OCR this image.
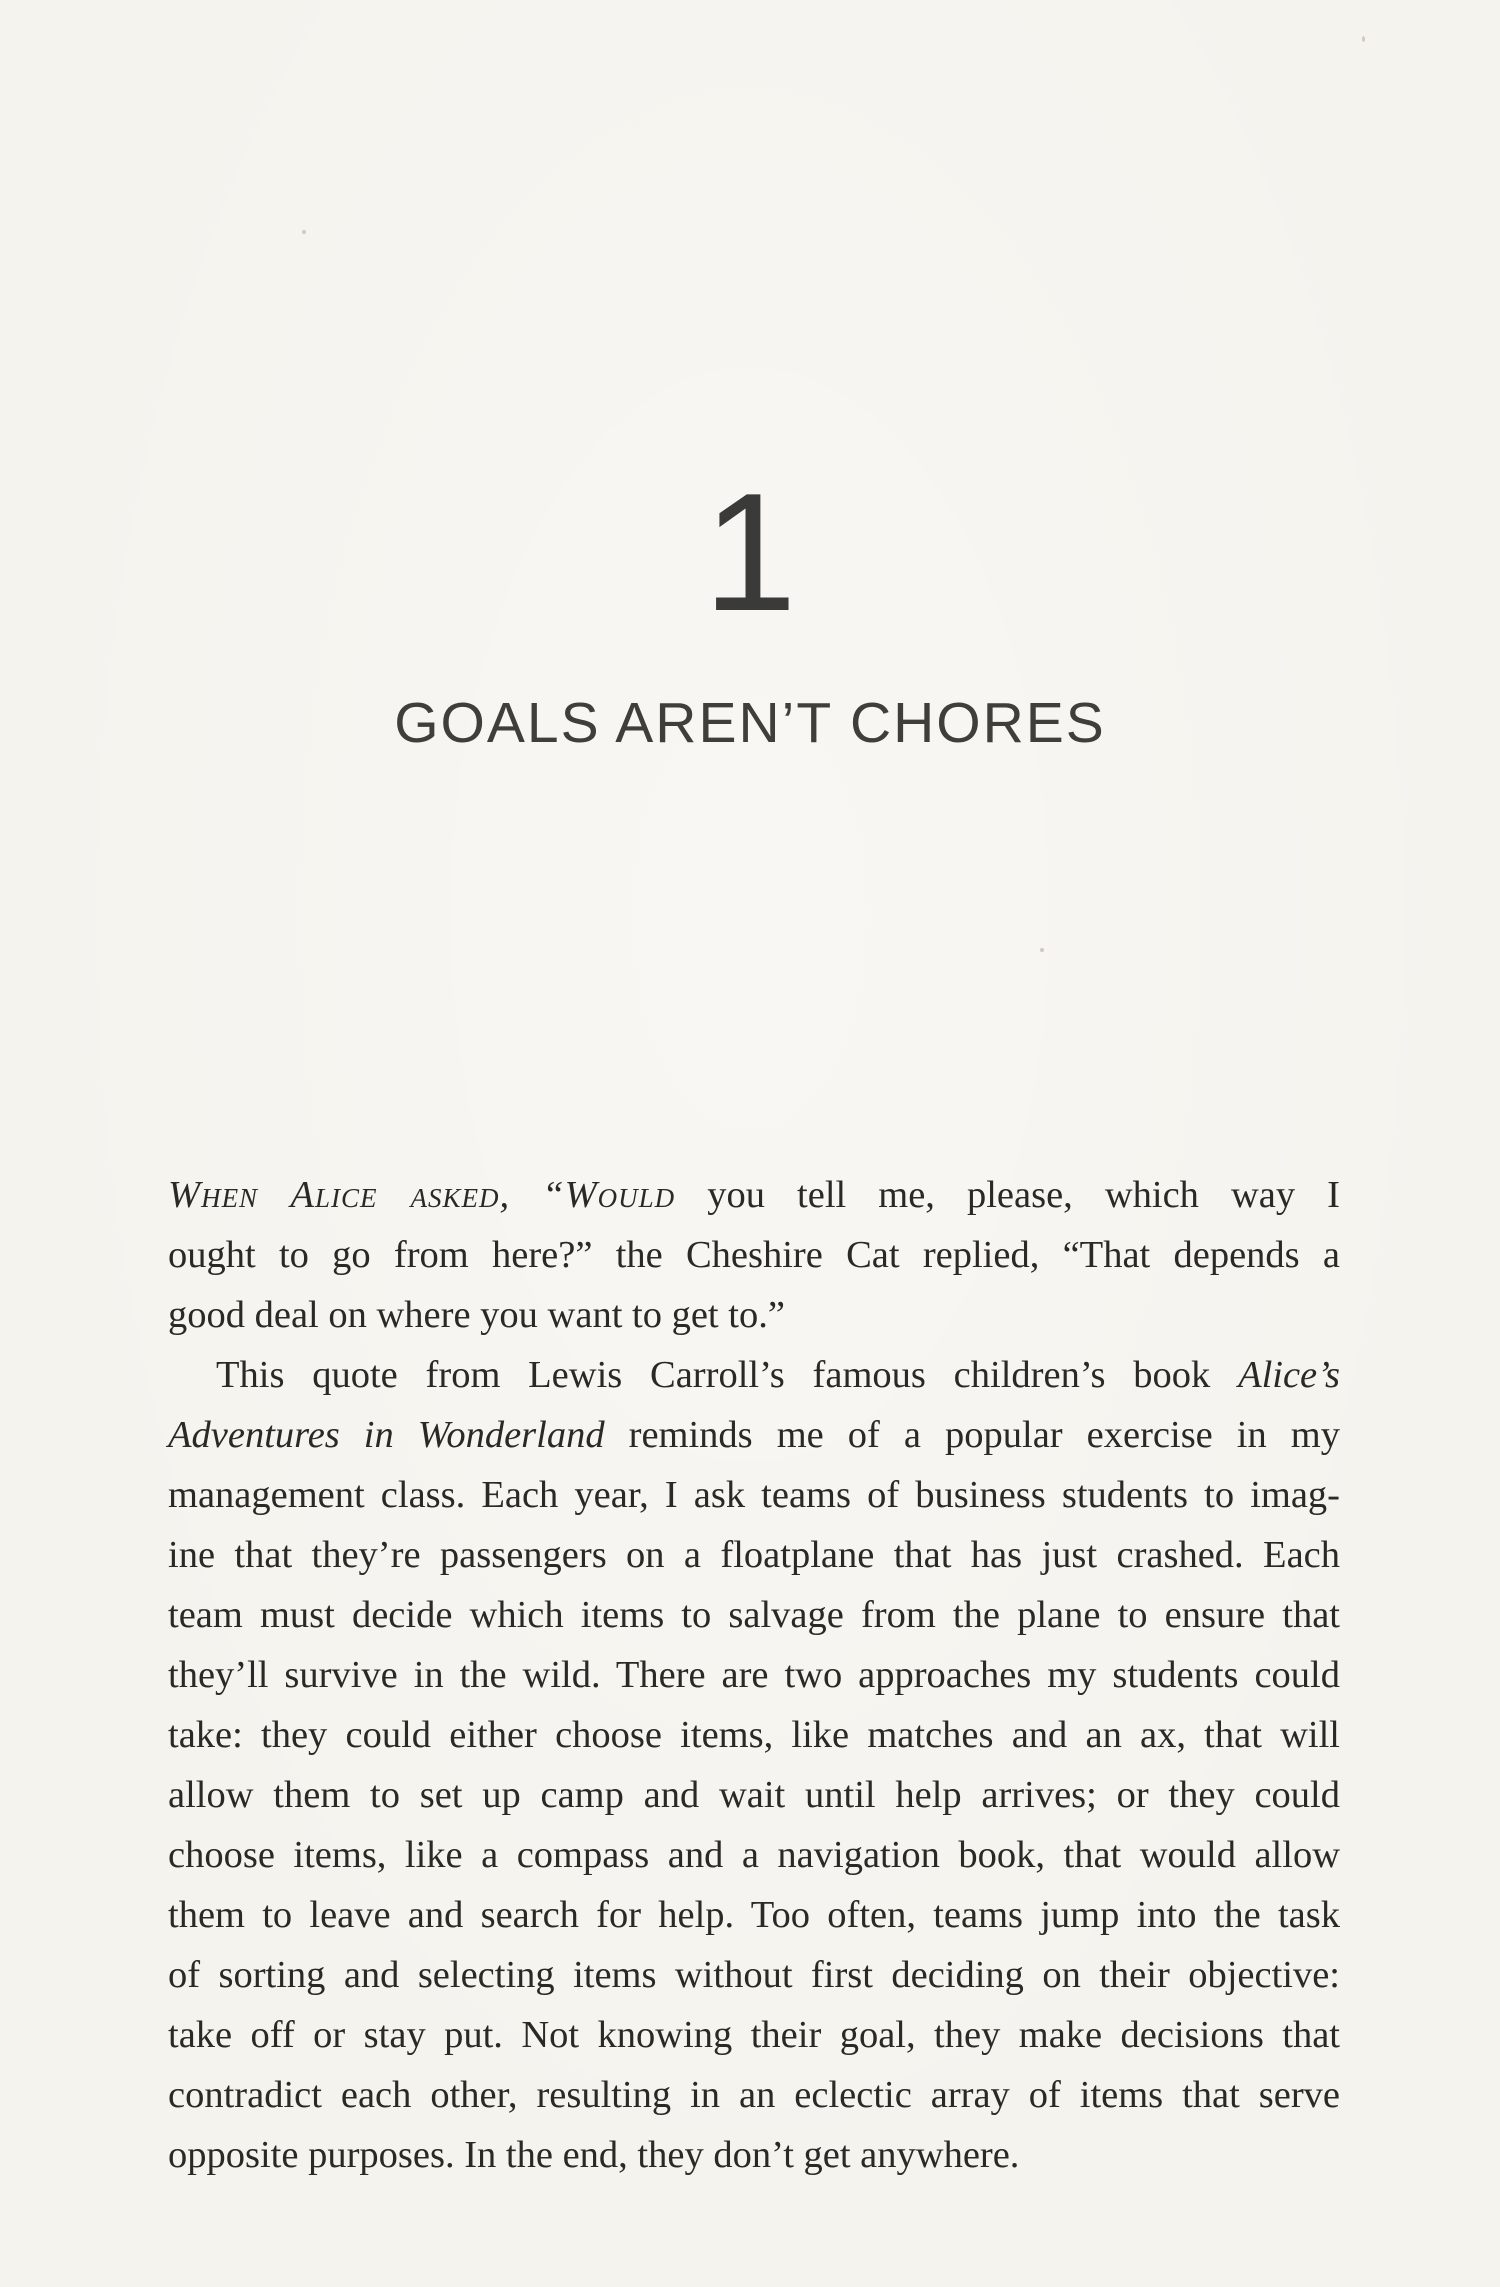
1
GOALS AREN’T CHORES
When Alice asked, “Would you tell me, please, which way I
ought to go from here?” the Cheshire Cat replied, “That depends a
good deal on where you want to get to.”
This quote from Lewis Carroll’s famous children’s book Alice’s
Adventures in Wonderland reminds me of a popular exercise in my
management class. Each year, I ask teams of business students to imag-
ine that they’re passengers on a floatplane that has just crashed. Each
team must decide which items to salvage from the plane to ensure that
they’ll survive in the wild. There are two approaches my students could
take: they could either choose items, like matches and an ax, that will
allow them to set up camp and wait until help arrives; or they could
choose items, like a compass and a navigation book, that would allow
them to leave and search for help. Too often, teams jump into the task
of sorting and selecting items without first deciding on their objective:
take off or stay put. Not knowing their goal, they make decisions that
contradict each other, resulting in an eclectic array of items that serve
opposite purposes. In the end, they don’t get anywhere.
